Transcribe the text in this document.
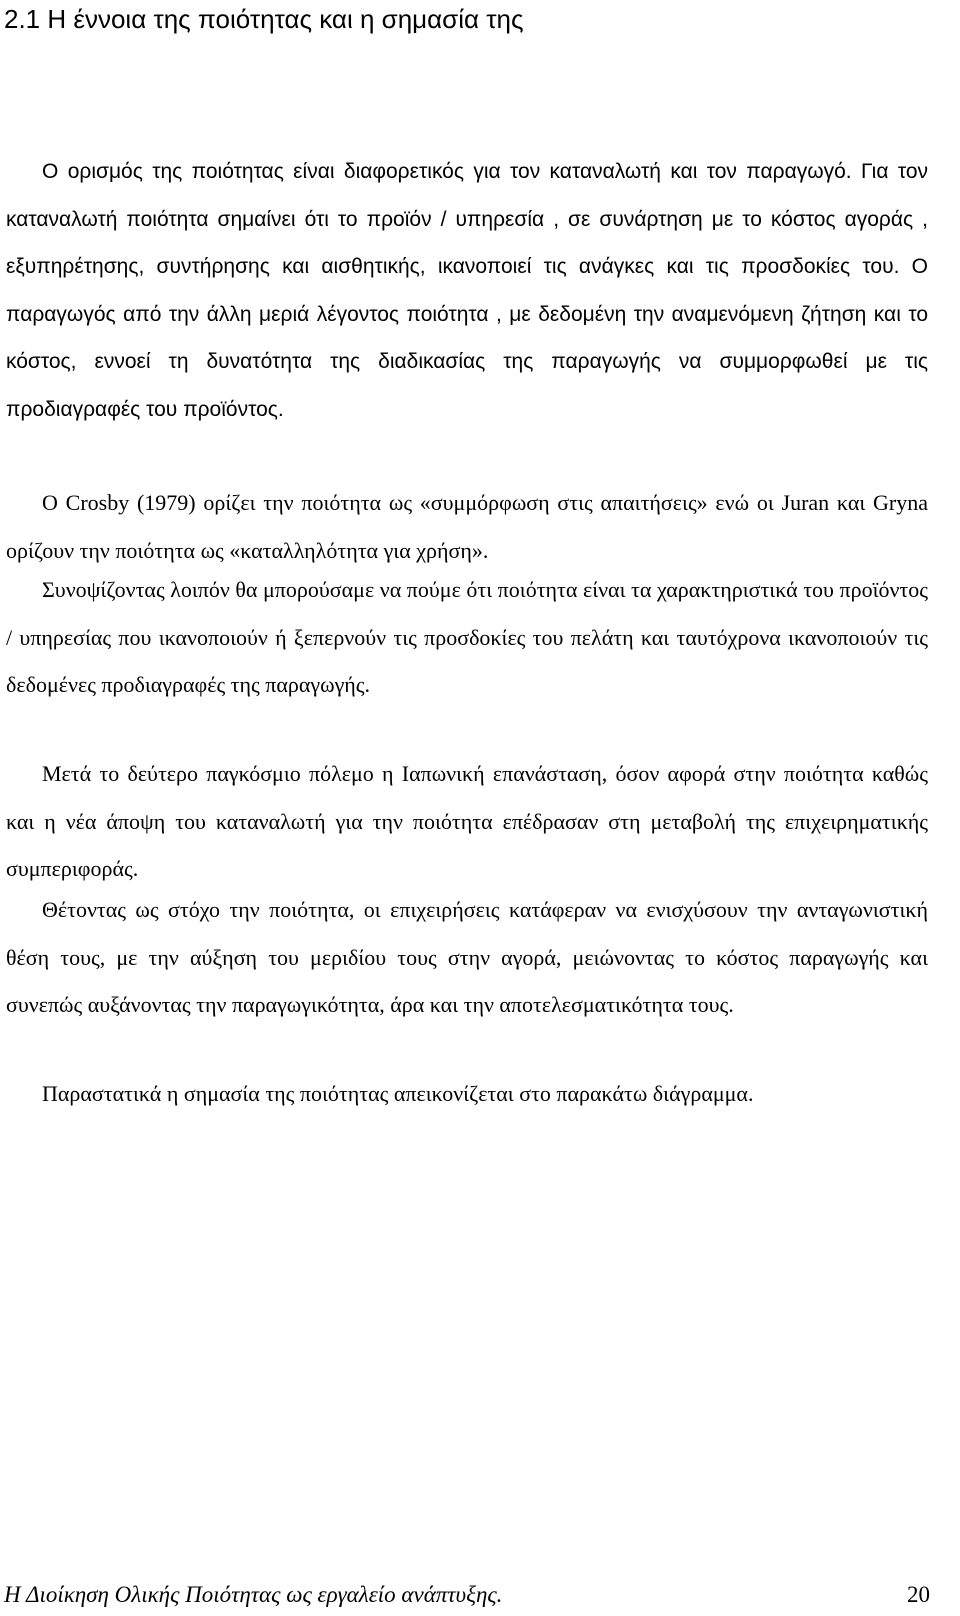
2.1 Η έννοια της ποιότητας και η σημασία της

Ο ορισμός της ποιότητας είναι διαφορετικός για τον καταναλωτή και τον παραγωγό. Για τον καταναλωτή ποιότητα σημαίνει ότι το προϊόν / υπηρεσία , σε συνάρτηση με το κόστος αγοράς , εξυπηρέτησης, συντήρησης και αισθητικής, ικανοποιεί τις ανάγκες και τις προσδοκίες του. Ο παραγωγός από την άλλη μεριά λέγοντος ποιότητα , με δεδομένη την αναμενόμενη ζήτηση και το κόστος, εννοεί τη δυνατότητα της διαδικασίας της παραγωγής να συμμορφωθεί με τις προδιαγραφές του προϊόντος.

Ο Crosby (1979) ορίζει την ποιότητα ως «συμμόρφωση στις απαιτήσεις» ενώ οι Juran και Gryna ορίζουν την ποιότητα ως «καταλληλότητα για χρήση».

Συνοψίζοντας λοιπόν θα μπορούσαμε να πούμε ότι ποιότητα είναι τα χαρακτηριστικά του προϊόντος / υπηρεσίας που ικανοποιούν ή ξεπερνούν τις προσδοκίες του πελάτη και ταυτόχρονα ικανοποιούν τις δεδομένες προδιαγραφές της παραγωγής.

Μετά το δεύτερο παγκόσμιο πόλεμο η Ιαπωνική επανάσταση, όσον αφορά στην ποιότητα καθώς και η νέα άποψη του καταναλωτή για την ποιότητα επέδρασαν στη μεταβολή της επιχειρηματικής συμπεριφοράς.

Θέτοντας ως στόχο την ποιότητα, οι επιχειρήσεις κατάφεραν να ενισχύσουν την ανταγωνιστική θέση τους, με την αύξηση του μεριδίου τους στην αγορά, μειώνοντας το κόστος παραγωγής και συνεπώς αυξάνοντας την παραγωγικότητα, άρα και την αποτελεσματικότητα τους.

Παραστατικά η σημασία της ποιότητας απεικονίζεται στο παρακάτω διάγραμμα.

Η Διοίκηση Ολικής Ποιότητας ως εργαλείο ανάπτυξης.	20
